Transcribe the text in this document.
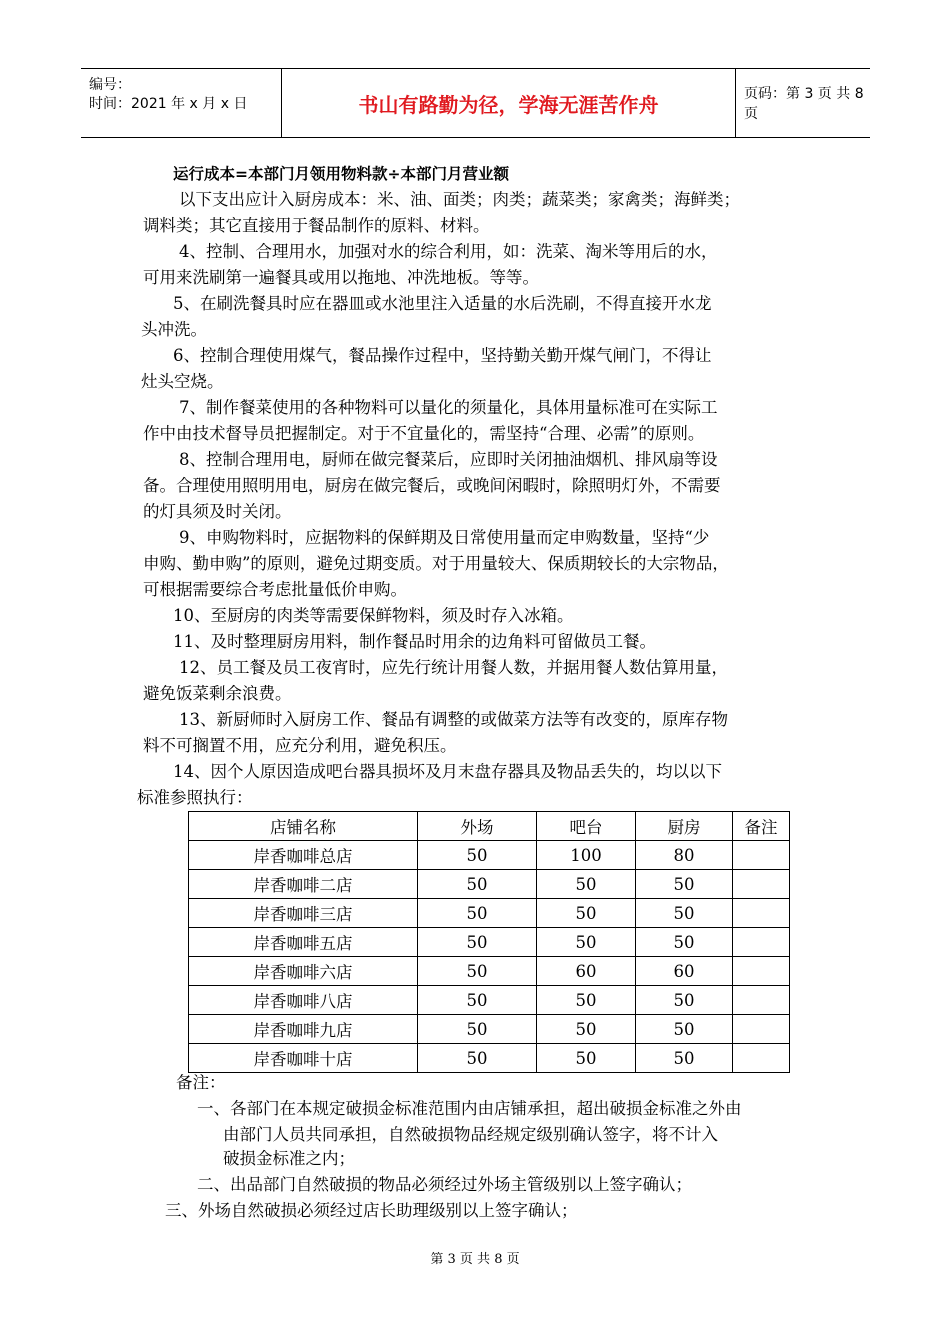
编号：
时间：2021 年 x 月 x 日	书山有路勤为径，学海无涯苦作舟	页码：第 3 页 共 8 页
运行成本=本部门月领用物料款÷本部门月营业额
以下支出应计入厨房成本：米、油、面类；肉类；蔬菜类；家禽类；海鲜类；
调料类；其它直接用于餐品制作的原料、材料。
4、控制、合理用水，加强对水的综合利用，如：洗菜、淘米等用后的水，
可用来洗刷第一遍餐具或用以拖地、冲洗地板。等等。
5、在刷洗餐具时应在器皿或水池里注入适量的水后洗刷，不得直接开水龙
头冲洗。
6、控制合理使用煤气，餐品操作过程中，坚持勤关勤开煤气闸门，不得让
灶头空烧。
7、制作餐菜使用的各种物料可以量化的须量化，具体用量标准可在实际工
作中由技术督导员把握制定。对于不宜量化的，需坚持“合理、必需”的原则。
8、控制合理用电，厨师在做完餐菜后，应即时关闭抽油烟机、排风扇等设
备。合理使用照明用电，厨房在做完餐后，或晚间闲暇时，除照明灯外，不需要
的灯具须及时关闭。
9、申购物料时，应据物料的保鲜期及日常使用量而定申购数量，坚持“少
申购、勤申购”的原则，避免过期变质。对于用量较大、保质期较长的大宗物品，
可根据需要综合考虑批量低价申购。
10、至厨房的肉类等需要保鲜物料，须及时存入冰箱。
11、及时整理厨房用料，制作餐品时用余的边角料可留做员工餐。
12、员工餐及员工夜宵时，应先行统计用餐人数，并据用餐人数估算用量，
避免饭菜剩余浪费。
13、新厨师时入厨房工作、餐品有调整的或做菜方法等有改变的，原库存物
料不可搁置不用，应充分利用，避免积压。
14、因个人原因造成吧台器具损坏及月末盘存器具及物品丢失的，均以以下
标准参照执行：
店铺名称	外场	吧台	厨房	备注
岸香咖啡总店	50	100	80	
岸香咖啡二店	50	50	50	
岸香咖啡三店	50	50	50	
岸香咖啡五店	50	50	50	
岸香咖啡六店	50	60	60	
岸香咖啡八店	50	50	50	
岸香咖啡九店	50	50	50	
岸香咖啡十店	50	50	50	
备注：
一、各部门在本规定破损金标准范围内由店铺承担，超出破损金标准之外由
由部门人员共同承担，自然破损物品经规定级别确认签字，将不计入
破损金标准之内；
二、出品部门自然破损的物品必须经过外场主管级别以上签字确认；
三、外场自然破损必须经过店长助理级别以上签字确认；
第 3 页 共 8 页
